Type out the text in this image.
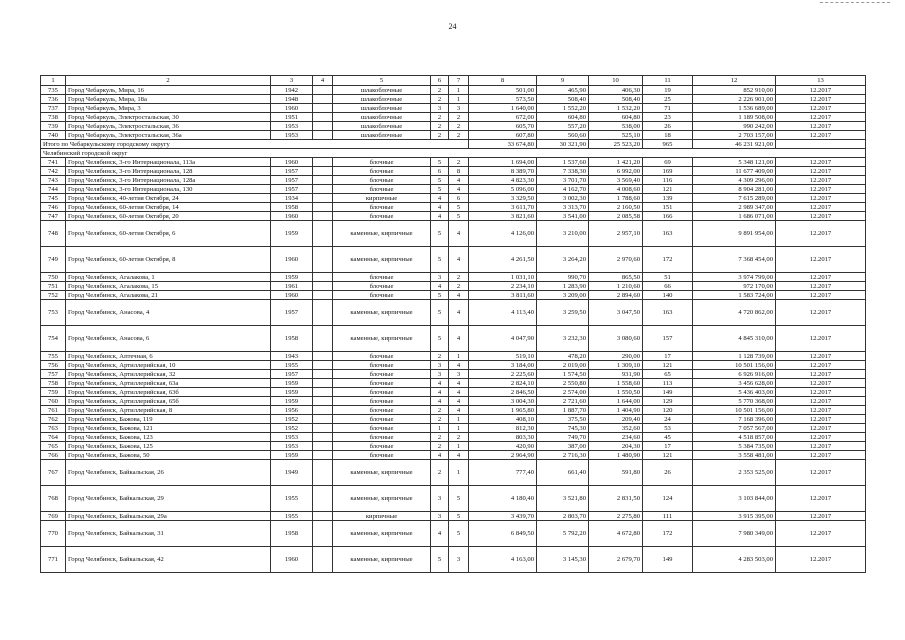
24
1	2	3	4	5	6	7	8	9	10	11	12	13
735	Город Чебаркуль, Мира, 16	1942		шлакоблочные	2	1	501,00	465,90	406,30	19	852 910,00	12.2017
736	Город Чебаркуль, Мира, 18а	1948		шлакоблочные	2	1	573,50	508,40	508,40	25	2 226 901,00	12.2017
737	Город Чебаркуль, Мира, 3	1960		шлакоблочные	3	3	1 640,00	1 552,20	1 532,20	71	1 536 689,00	12.2017
738	Город Чебаркуль, Электростальская, 30	1951		шлакоблочные	2	2	672,00	604,80	604,80	23	1 189 508,00	12.2017
739	Город Чебаркуль, Электростальская, 36	1953		шлакоблочные	2	2	605,70	557,20	538,00	26	990 242,00	12.2017
740	Город Чебаркуль, Электростальская, 36а	1953		шлакоблочные	2	2	607,80	560,60	525,10	18	2 703 157,00	12.2017
Итого по Чебаркульскому городскому округу							33 674,80	30 321,90	25 523,20	965	46 231 921,00	
Челябинский городской округ												
741	Город Челябинск, 3-го Интернационала, 113а	1960		блочные	5	2	1 694,00	1 537,60	1 421,20	69	5 348 121,00	12.2017
742	Город Челябинск, 3-го Интернационала, 128	1957		блочные	6	8	8 389,70	7 338,30	6 992,00	169	11 677 409,00	12.2017
743	Город Челябинск, 3-го Интернационала, 128а	1957		блочные	5	4	4 823,30	3 701,70	3 569,40	116	4 309 296,00	12.2017
744	Город Челябинск, 3-го Интернационала, 130	1957		блочные	5	4	5 096,00	4 162,70	4 008,60	121	8 904 281,00	12.2017
745	Город Челябинск, 40-летия Октября, 24	1934		кирпичные	4	6	3 329,50	3 002,30	1 788,60	139	7 615 289,00	12.2017
746	Город Челябинск, 60-летия Октября, 14	1958		блочные	4	5	3 611,70	3 313,70	2 160,50	151	2 989 347,00	12.2017
747	Город Челябинск, 60-летия Октября, 20	1960		блочные	4	5	3 821,60	3 541,00	2 085,58	166	1 686 071,00	12.2017
748	Город Челябинск, 60-летия Октября, 6	1959		каменные, кирпичные	5	4	4 126,00	3 210,00	2 957,10	163	9 891 954,00	12.2017
749	Город Челябинск, 60-летия Октября, 8	1960		каменные, кирпичные	5	4	4 261,50	3 264,20	2 970,60	172	7 368 454,00	12.2017
750	Город Челябинск, Агалакова, 1	1959		блочные	3	2	1 031,10	990,70	865,50	51	3 974 799,00	12.2017
751	Город Челябинск, Агалакова, 15	1961		блочные	4	2	2 234,10	1 283,90	1 210,60	66	972 170,00	12.2017
752	Город Челябинск, Агалакова, 21	1960		блочные	5	4	3 811,60	3 209,00	2 894,60	140	1 583 724,00	12.2017
753	Город Челябинск, Анасова, 4	1957		каменные, кирпичные	5	4	4 113,40	3 259,50	3 047,50	163	4 720 862,00	12.2017
754	Город Челябинск, Анасова, 6	1958		каменные, кирпичные	5	4	4 047,90	3 232,30	3 080,60	157	4 845 310,00	12.2017
755	Город Челябинск, Аптечная, 6	1943		блочные	2	1	519,10	478,20	290,00	17	1 128 739,00	12.2017
756	Город Челябинск, Артиллерийская, 10	1955		блочные	3	4	3 184,00	2 019,00	1 309,10	121	10 501 156,00	12.2017
757	Город Челябинск, Артиллерийская, 32	1957		блочные	3	3	2 225,60	1 574,50	931,90	65	6 926 916,00	12.2017
758	Город Челябинск, Артиллерийская, 63а	1959		блочные	4	4	2 824,10	2 550,80	1 558,60	113	3 456 628,00	12.2017
759	Город Челябинск, Артиллерийская, 63б	1959		блочные	4	4	2 846,50	2 574,00	1 550,50	149	5 436 403,00	12.2017
760	Город Челябинск, Артиллерийская, 65б	1959		блочные	4	4	3 004,30	2 721,60	1 644,00	129	5 770 368,00	12.2017
761	Город Челябинск, Артиллерийская, 8	1956		блочные	2	4	1 965,80	1 887,70	1 404,90	120	10 501 156,00	12.2017
762	Город Челябинск, Бажова, 119	1952		блочные	2	1	408,10	375,50	209,40	24	7 168 396,00	12.2017
763	Город Челябинск, Бажова, 121	1952		блочные	1	1	812,30	745,30	352,60	53	7 057 567,00	12.2017
764	Город Челябинск, Бажова, 123	1953		блочные	2	2	803,30	749,70	234,60	45	4 518 857,00	12.2017
765	Город Челябинск, Бажова, 125	1953		блочные	2	1	420,90	387,00	204,30	17	5 384 735,00	12.2017
766	Город Челябинск, Бажова, 50	1959		блочные	4	4	2 964,90	2 716,30	1 480,90	121	3 558 481,00	12.2017
767	Город Челябинск, Байкальская, 26	1949		каменные, кирпичные	2	1	777,40	661,40	591,80	26	2 353 525,00	12.2017
768	Город Челябинск, Байкальская, 29	1955		каменные, кирпичные	3	5	4 180,40	3 521,80	2 831,50	124	3 103 844,00	12.2017
769	Город Челябинск, Байкальская, 29а	1955		кирпичные	3	5	3 439,70	2 803,70	2 275,80	111	3 915 395,00	12.2017
770	Город Челябинск, Байкальская, 31	1958		каменные, кирпичные	4	5	6 849,50	5 792,20	4 672,80	172	7 980 349,00	12.2017
771	Город Челябинск, Байкальская, 42	1960		каменные, кирпичные	5	3	4 163,00	3 145,30	2 679,70	149	4 283 503,00	12.2017
